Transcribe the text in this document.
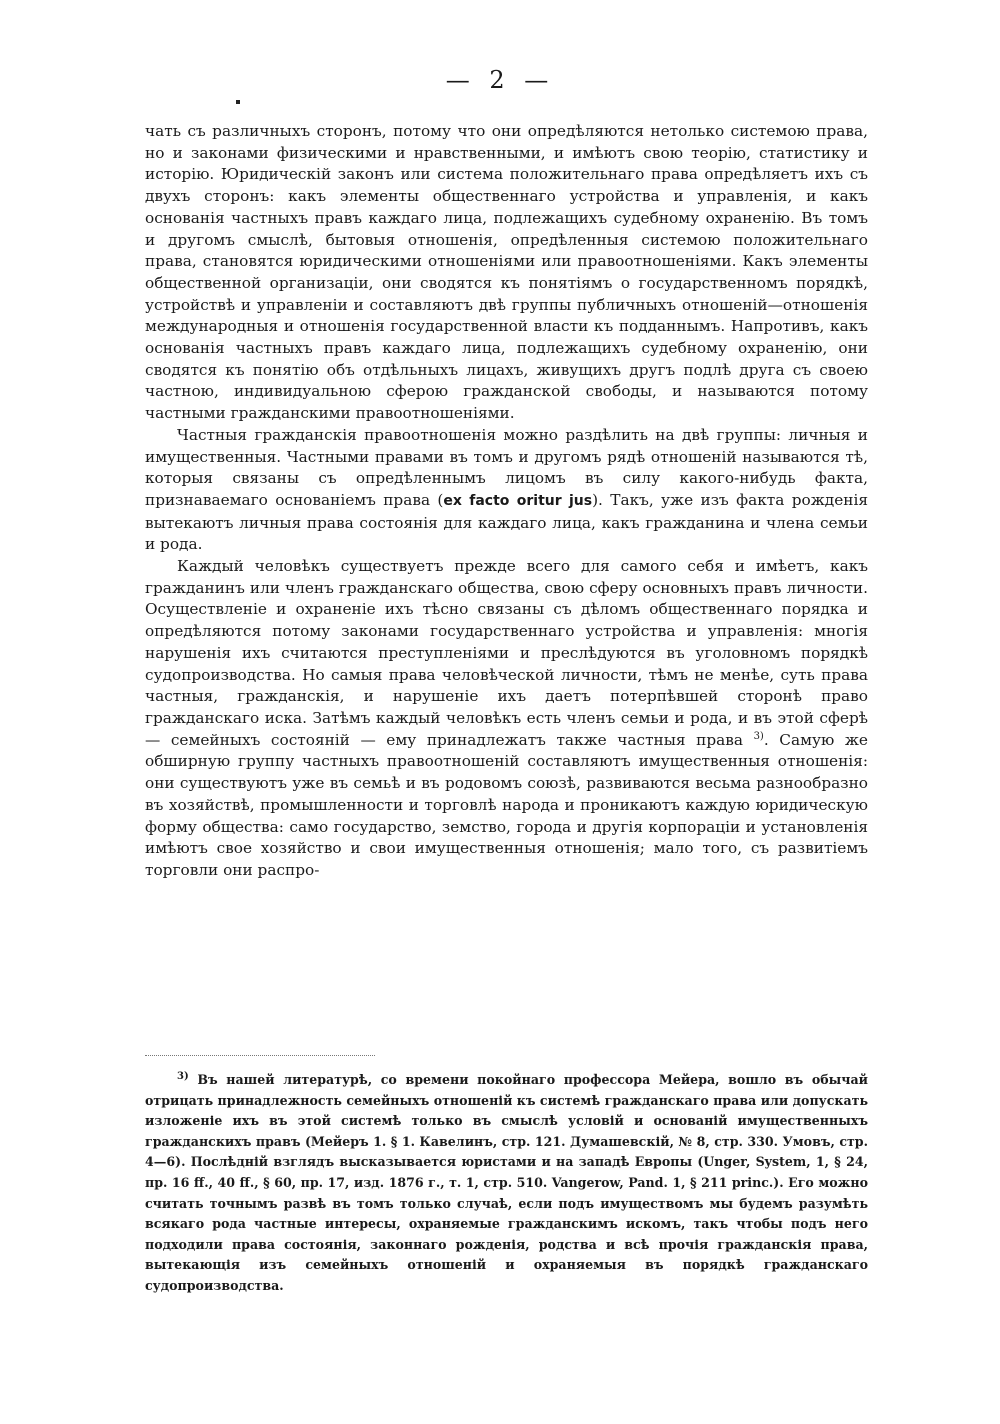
— 2 —

чать съ различныхъ сторонъ, потому что они опредѣляются нетолько системою права, но и законами физическими и нравственными, и имѣютъ свою теорію, статистику и исторію. Юридическій законъ или система положительнаго права опредѣляетъ ихъ съ двухъ сторонъ: какъ элементы общественнаго устройства и управленія, и какъ основанія частныхъ правъ каждаго лица, подлежащихъ судебному охраненію. Въ томъ и другомъ смыслѣ, бытовыя отношенія, опредѣленныя системою положительнаго права, становятся юридическими отношеніями или правоотношеніями. Какъ элементы общественной организаціи, они сводятся къ понятіямъ о государственномъ порядкѣ, устройствѣ и управленіи и составляютъ двѣ группы публичныхъ отношеній—отношенія международныя и отношенія государственной власти къ подданнымъ. Напротивъ, какъ основанія частныхъ правъ каждаго лица, подлежащихъ судебному охраненію, они сводятся къ понятію объ отдѣльныхъ лицахъ, живущихъ другъ подлѣ друга съ своею частною, индивидуальною сферою гражданской свободы, и называются потому частными гражданскими правоотношеніями.

Частныя гражданскія правоотношенія можно раздѣлить на двѣ группы: личныя и имущественныя. Частными правами въ томъ и другомъ рядѣ отношеній называются тѣ, которыя связаны съ опредѣленнымъ лицомъ въ силу какого-нибудь факта, признаваемаго основаніемъ права (ex facto oritur jus). Такъ, уже изъ факта рожденія вытекаютъ личныя права состоянія для каждаго лица, какъ гражданина и члена семьи и рода.

Каждый человѣкъ существуетъ прежде всего для самого себя и имѣетъ, какъ гражданинъ или членъ гражданскаго общества, свою сферу основныхъ правъ личности. Осуществленіе и охраненіе ихъ тѣсно связаны съ дѣломъ общественнаго порядка и опредѣляются потому законами государственнаго устройства и управленія: многія нарушенія ихъ считаются преступленіями и преслѣдуются въ уголовномъ порядкѣ судопроизводства. Но самыя права человѣческой личности, тѣмъ не менѣе, суть права частныя, гражданскія, и нарушеніе ихъ даетъ потерпѣвшей сторонѣ право гражданскаго иска. Затѣмъ каждый человѣкъ есть членъ семьи и рода, и въ этой сферѣ — семейныхъ состояній — ему принадлежатъ также частныя права $^{3)}$. Самую же обширную группу частныхъ правоотношеній составляютъ имущественныя отношенія: они существуютъ уже въ семьѣ и въ родовомъ союзѣ, развиваются весьма разнообразно въ хозяйствѣ, промышленности и торговлѣ народа и проникаютъ каждую юридическую форму общества: само государство, земство, города и другія корпораціи и установленія имѣютъ свое хозяйство и свои имущественныя отношенія; мало того, съ развитіемъ торговли они распро-

$^{3)}$ Въ нашей литературѣ, со времени покойнаго профессора Мейера, вошло въ обычай отрицать принадлежность семейныхъ отношеній къ системѣ гражданскаго права или допускать изложеніе ихъ въ этой системѣ только въ смыслѣ условій и основаній имущественныхъ гражданскихъ правъ (Мейеръ 1. § 1. Кавелинъ, стр. 121. Думашевскій, № 8, стр. 330. Умовъ, стр. 4—6). Послѣдній взглядъ высказывается юристами и на западѣ Европы (Unger, System, 1, § 24, пр. 16 ff., 40 ff., § 60, пр. 17, изд. 1876 г., т. 1, стр. 510. Vangerow, Pand. 1, § 211 princ.). Его можно считать точнымъ развѣ въ томъ только случаѣ, если подъ имуществомъ мы будемъ разумѣть всякаго рода частные интересы, охраняемые гражданскимъ искомъ, такъ чтобы подъ него подходили права состоянія, законнаго рожденія, родства и всѣ прочія гражданскія права, вытекающія изъ семейныхъ отношеній и охраняемыя въ порядкѣ гражданскаго судопроизводства.
